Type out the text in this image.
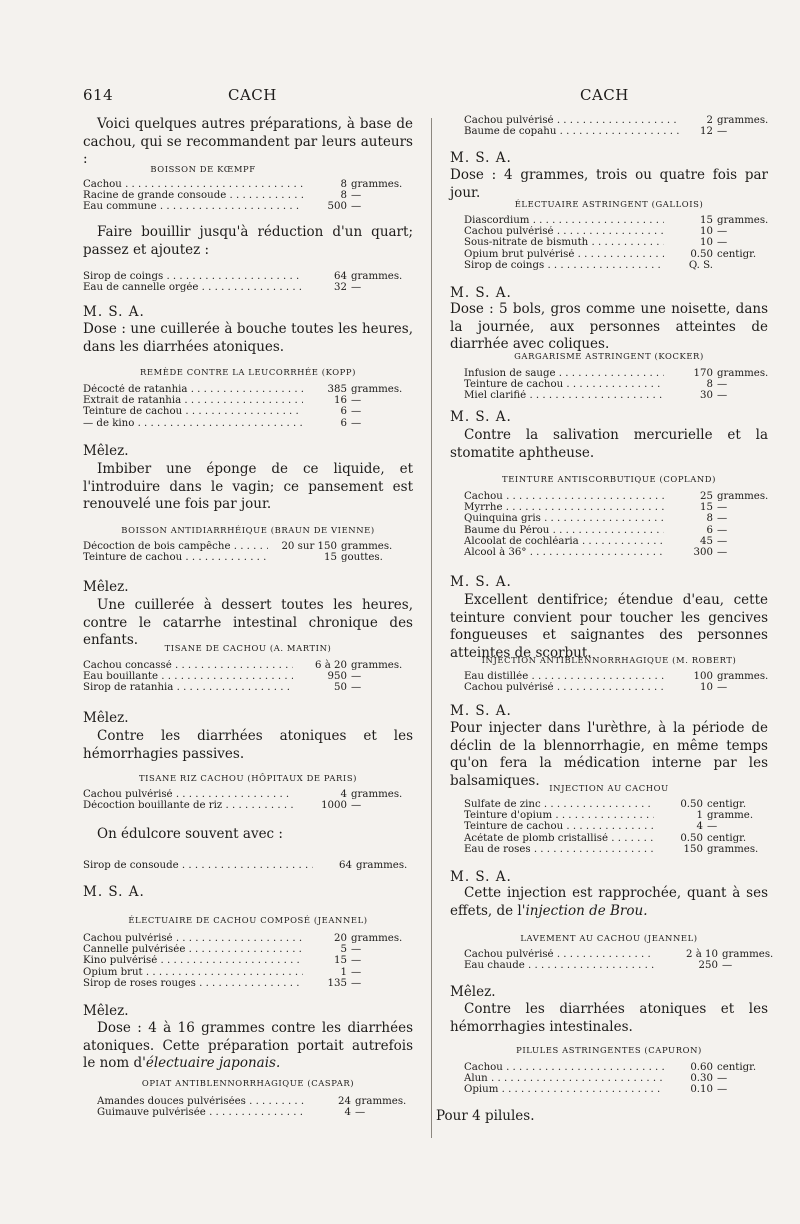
614	CACH	CACH
Voici quelques autres préparations, à base de cachou, qui se recommandent par leurs auteurs :
BOISSON DE KŒMPF
Cachou . . .	8 grammes.
Racine de grande consoude . . .	8 —
Eau commune . . .	500 —
Faire bouillir jusqu'à réduction d'un quart; passez et ajoutez :
Sirop de coings . . .	64 grammes.
Eau de cannelle orgée . . .	32 —
M. S. A.
Dose : une cuillerée à bouche toutes les heures, dans les diarrhées atoniques.
REMÈDE CONTRE LA LEUCORRHÉE (KOPP)
Décocté de ratanhia . . .	385 grammes.
Extrait de ratanhia . . .	16 —
Teinture de cachou . . .	6 —
— de kino . . .	6 —
Mêlez.
Imbiber une éponge de ce liquide, et l'introduire dans le vagin; ce pansement est renouvelé une fois par jour.
BOISSON ANTIDIARRHÉIQUE (BRAUN DE VIENNE)
Décoction de bois campêche . . .	20 sur 150 grammes.
Teinture de cachou . . .	15 gouttes.
Mêlez.
Une cuillerée à dessert toutes les heures, contre le catarrhe intestinal chronique des enfants.	TISANE DE CACHOU (A. MARTIN)
Cachou concassé . . .	6 à 20 grammes.
Eau bouillante . . .	950 —
Sirop de ratanhia . . .	50 —
Mêlez.
Contre les diarrhées atoniques et les hémorrhagies passives.
TISANE RIZ CACHOU (HÔPITAUX DE PARIS)
Cachou pulvérisé . . .	4 grammes.
Décoction bouillante de riz . . .	1000 —
On édulcore souvent avec :
Sirop de consoude . . .	64 grammes.
M. S. A.
ÉLECTUAIRE DE CACHOU COMPOSÉ (JEANNEL)
Cachou pulvérisé . . .	20 grammes.
Cannelle pulvérisée . . .	5 —
Kino pulvérisé . . .	15 —
Opium brut . . .	1 —
Sirop de roses rouges . . .	135 —
Mêlez.
Dose : 4 à 16 grammes contre les diarrhées atoniques. Cette préparation portait autrefois le nom d'électuaire japonais.
OPIAT ANTIBLENNORRHAGIQUE (CASPAR)
Amandes douces pulvérisées . . .	24 grammes.
Guimauve pulvérisée . . .	4 —
Cachou pulvérisé . . .	2 grammes.
Baume de copahu . . .	12 —
M. S. A.
Dose : 4 grammes, trois ou quatre fois par jour.
ÉLECTUAIRE ASTRINGENT (GALLOIS)
Diascordium . . .	15 grammes.
Cachou pulvérisé . . .	10 —
Sous-nitrate de bismuth . . .	10 —
Opium brut pulvérisé . . .	0.50 centigr.
Sirop de coings . . .	Q. S.
M. S. A.
Dose : 5 bols, gros comme une noisette, dans la journée, aux personnes atteintes de diarrhée avec coliques.
GARGARISME ASTRINGENT (KOCKER)
Infusion de sauge . . .	170 grammes.
Teinture de cachou . . .	8 —
Miel clarifié . . .	30 —
M. S. A.
Contre la salivation mercurielle et la stomatite aphtheuse.
TEINTURE ANTISCORBUTIQUE (COPLAND)
Cachou . . .	25 grammes.
Myrrhe . . .	15 —
Quinquina gris . . .	8 —
Baume du Pérou . . .	6 —
Alcoolat de cochléaria . . .	45 —
Alcool à 36° . . .	300 —
M. S. A.
Excellent dentifrice; étendue d'eau, cette teinture convient pour toucher les gencives fongueuses et saignantes des personnes atteintes de scorbut.
INJECTION ANTIBLENNORRHAGIQUE (M. ROBERT)
Eau distillée . . .	100 grammes.
Cachou pulvérisé . . .	10 —
M. S. A.
Pour injecter dans l'urèthre, à la période de déclin de la blennorrhagie, en même temps qu'on fera la médication interne par les balsamiques.	INJECTION AU CACHOU
Sulfate de zinc . . .	0.50 centigr.
Teinture d'opium . . .	1 gramme.
Teinture de cachou . . .	4 —
Acétate de plomb cristallisé . . .	0.50 centigr.
Eau de roses . . .	150 grammes.
M. S. A.
Cette injection est rapprochée, quant à ses effets, de l'injection de Brou.
LAVEMENT AU CACHOU (JEANNEL)
Cachou pulvérisé . . .	2 à 10 grammes.
Eau chaude . . .	250 —
Mêlez.
Contre les diarrhées atoniques et les hémorrhagies intestinales.
PILULES ASTRINGENTES (CAPURON)
Cachou . . .	0.60 centigr.
Alun . . .	0.30 —
Opium . . .	0.10 —
Pour 4 pilules.
